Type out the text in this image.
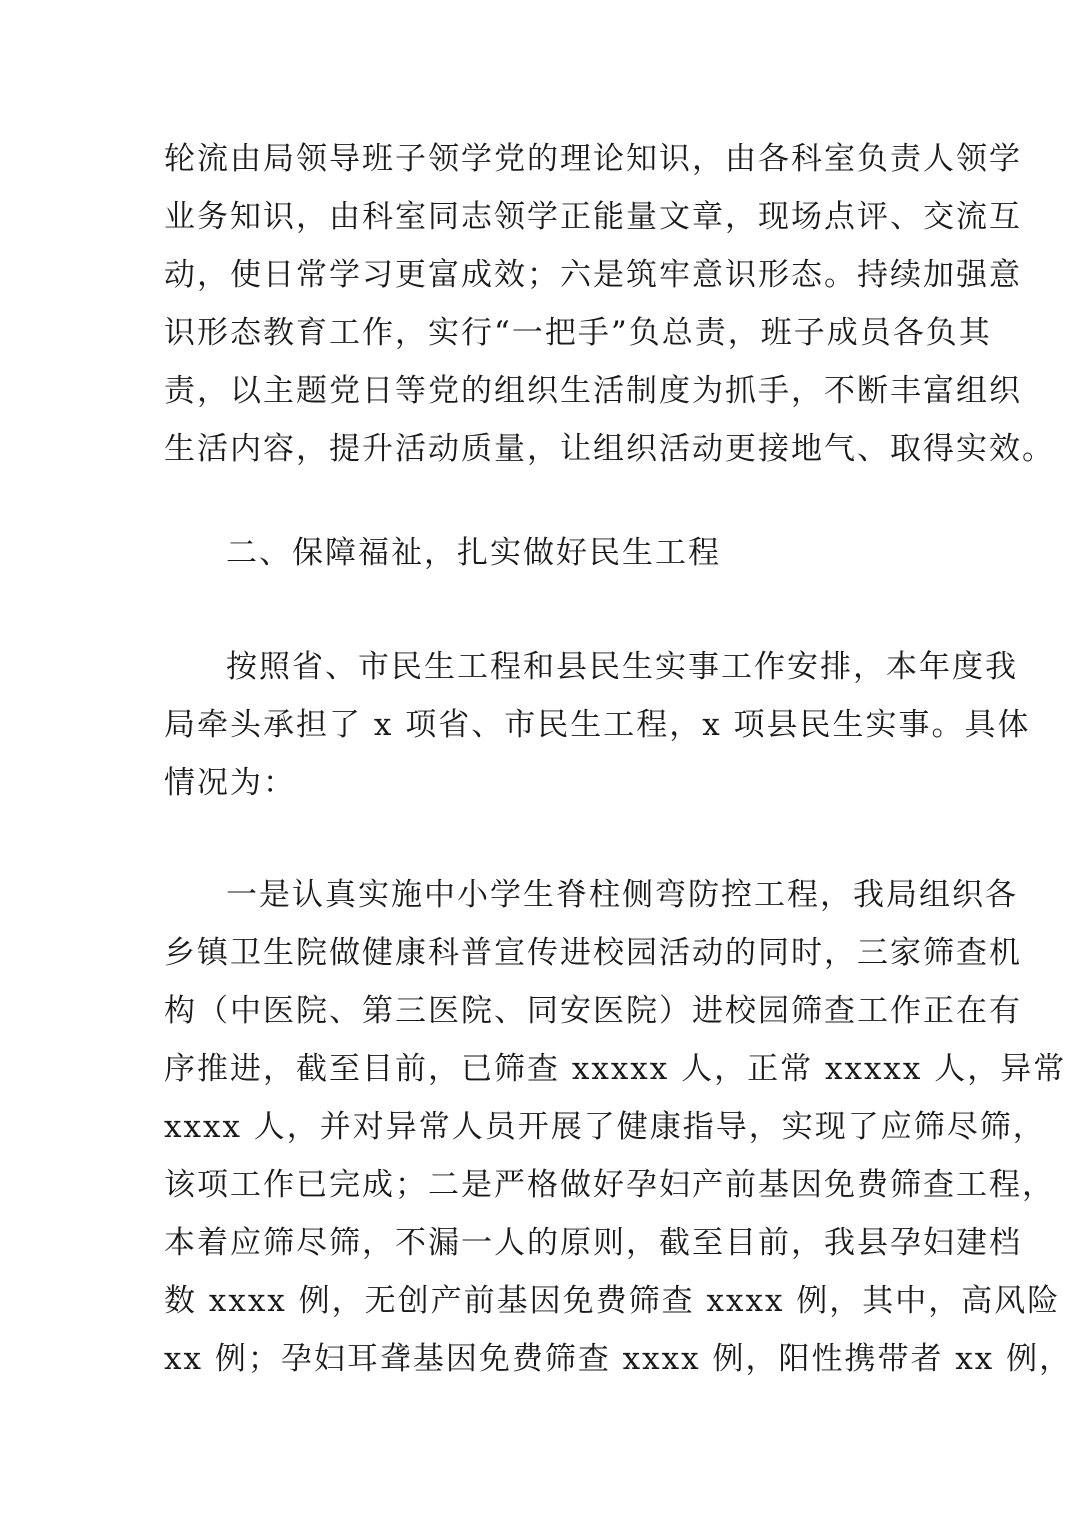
轮流由局领导班子领学党的理论知识，由各科室负责人领学
业务知识，由科室同志领学正能量文章，现场点评、交流互
动，使日常学习更富成效；六是筑牢意识形态。持续加强意
识形态教育工作，实行“一把手”负总责，班子成员各负其
责，以主题党日等党的组织生活制度为抓手，不断丰富组织
生活内容，提升活动质量，让组织活动更接地气、取得实效。
二、保障福祉，扎实做好民生工程
按照省、市民生工程和县民生实事工作安排，本年度我
局牵头承担了 x 项省、市民生工程，x 项县民生实事。具体
情况为：
一是认真实施中小学生脊柱侧弯防控工程，我局组织各
乡镇卫生院做健康科普宣传进校园活动的同时，三家筛查机
构（中医院、第三医院、同安医院）进校园筛查工作正在有
序推进，截至目前，已筛查 xxxxx 人，正常 xxxxx 人，异常
xxxx 人，并对异常人员开展了健康指导，实现了应筛尽筛，
该项工作已完成；二是严格做好孕妇产前基因免费筛查工程，
本着应筛尽筛，不漏一人的原则，截至目前，我县孕妇建档
数 xxxx 例，无创产前基因免费筛查 xxxx 例，其中，高风险
xx 例；孕妇耳聋基因免费筛查 xxxx 例，阳性携带者 xx 例，
